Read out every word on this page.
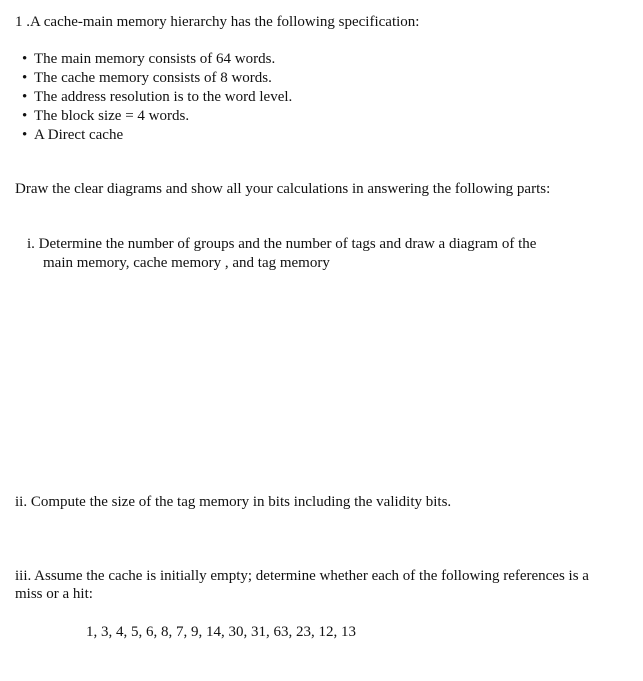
1 .A cache-main memory hierarchy has the following specification:
• The main memory consists of 64 words.
• The cache memory consists of 8 words.
• The address resolution is to the word level.
• The block size = 4 words.
• A Direct cache
Draw the clear diagrams and show all your calculations in answering the following parts:
i. Determine the number of groups and the number of tags and draw a diagram of the
main memory, cache memory , and tag memory
ii. Compute the size of the tag memory in bits including the validity bits.
iii. Assume the cache is initially empty; determine whether each of the following references is a
miss or a hit:
1, 3, 4, 5, 6, 8, 7, 9, 14, 30, 31, 63, 23, 12, 13
